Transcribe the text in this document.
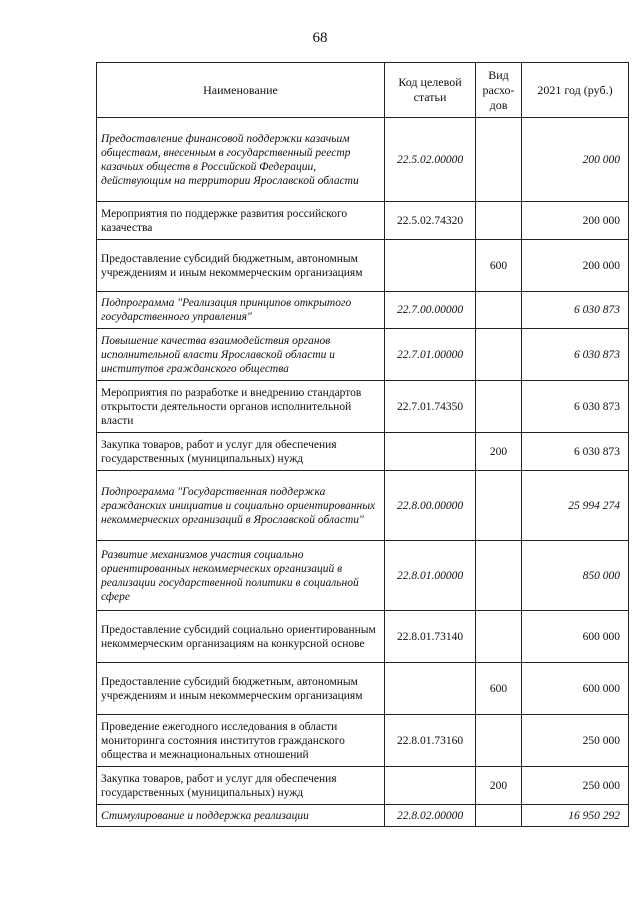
68
Наименование	Код целевой статьи	Вид
расхо-
дов	2021 год (руб.)
Предоставление финансовой поддержки казачьим обществам, внесенным в государственный реестр казачьих обществ в Российской Федерации, действующим на территории Ярославской области	22.5.02.00000		200 000
Мероприятия по поддержке развития российского казачества	22.5.02.74320		200 000
Предоставление субсидий бюджетным, автономным учреждениям и иным некоммерческим организациям		600	200 000
Подпрограмма "Реализация принципов открытого государственного управления"	22.7.00.00000		6 030 873
Повышение качества взаимодействия органов исполнительной власти Ярославской области и институтов гражданского общества	22.7.01.00000		6 030 873
Мероприятия по разработке и внедрению стандартов открытости деятельности органов исполнительной власти	22.7.01.74350		6 030 873
Закупка товаров, работ и услуг для обеспечения государственных (муниципальных) нужд		200	6 030 873
Подпрограмма "Государственная поддержка гражданских инициатив и социально ориентированных некоммерческих организаций в Ярославской области"	22.8.00.00000		25 994 274
Развитие механизмов участия социально ориентированных некоммерческих организаций в реализации государственной политики в социальной сфере	22.8.01.00000		850 000
Предоставление субсидий социально ориентированным некоммерческим организациям на конкурсной основе	22.8.01.73140		600 000
Предоставление субсидий бюджетным, автономным учреждениям и иным некоммерческим организациям		600	600 000
Проведение ежегодного исследования в области мониторинга состояния институтов гражданского общества и межнациональных отношений	22.8.01.73160		250 000
Закупка товаров, работ и услуг для обеспечения государственных (муниципальных) нужд		200	250 000
Стимулирование и поддержка реализации	22.8.02.00000		16 950 292
